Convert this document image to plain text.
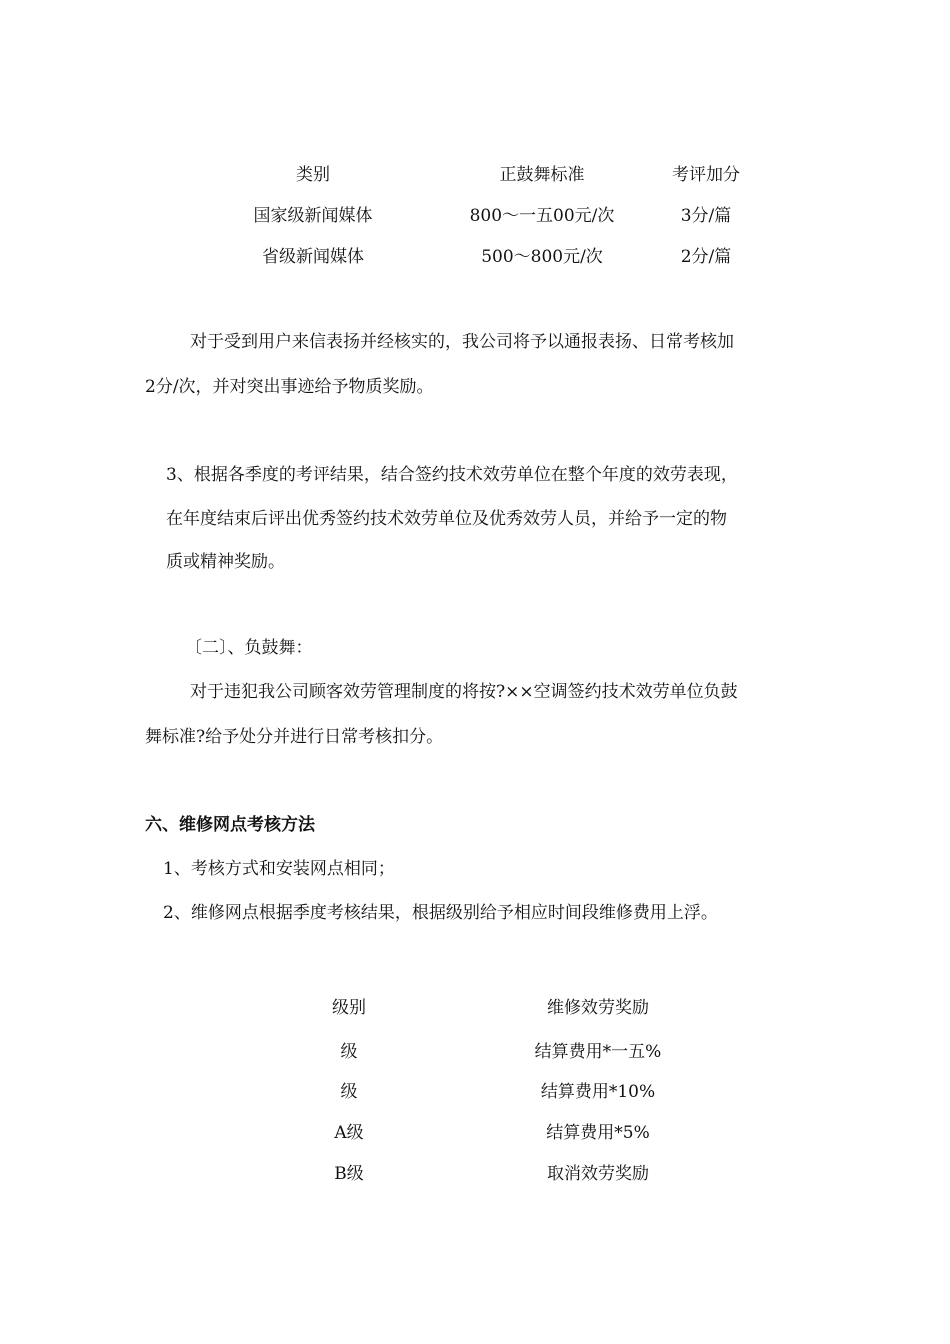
类别	正鼓舞标准	考评加分
国家级新闻媒体	800～一五00元/次	3分/篇
省级新闻媒体	500～800元/次	2分/篇
对于受到用户来信表扬并经核实的，我公司将予以通报表扬、日常考核加
2分/次，并对突出事迹给予物质奖励。
3、根据各季度的考评结果，结合签约技术效劳单位在整个年度的效劳表现，
在年度结束后评出优秀签约技术效劳单位及优秀效劳人员，并给予一定的物
质或精神奖励。
〔二〕、负鼓舞：
对于违犯我公司顾客效劳管理制度的将按?××空调签约技术效劳单位负鼓
舞标准?给予处分并进行日常考核扣分。
六、维修网点考核方法
1、考核方式和安装网点相同；
2、维修网点根据季度考核结果，根据级别给予相应时间段维修费用上浮。
级别	维修效劳奖励
级	结算费用*一五%
级	结算费用*10%
A级	结算费用*5%
B级	取消效劳奖励
